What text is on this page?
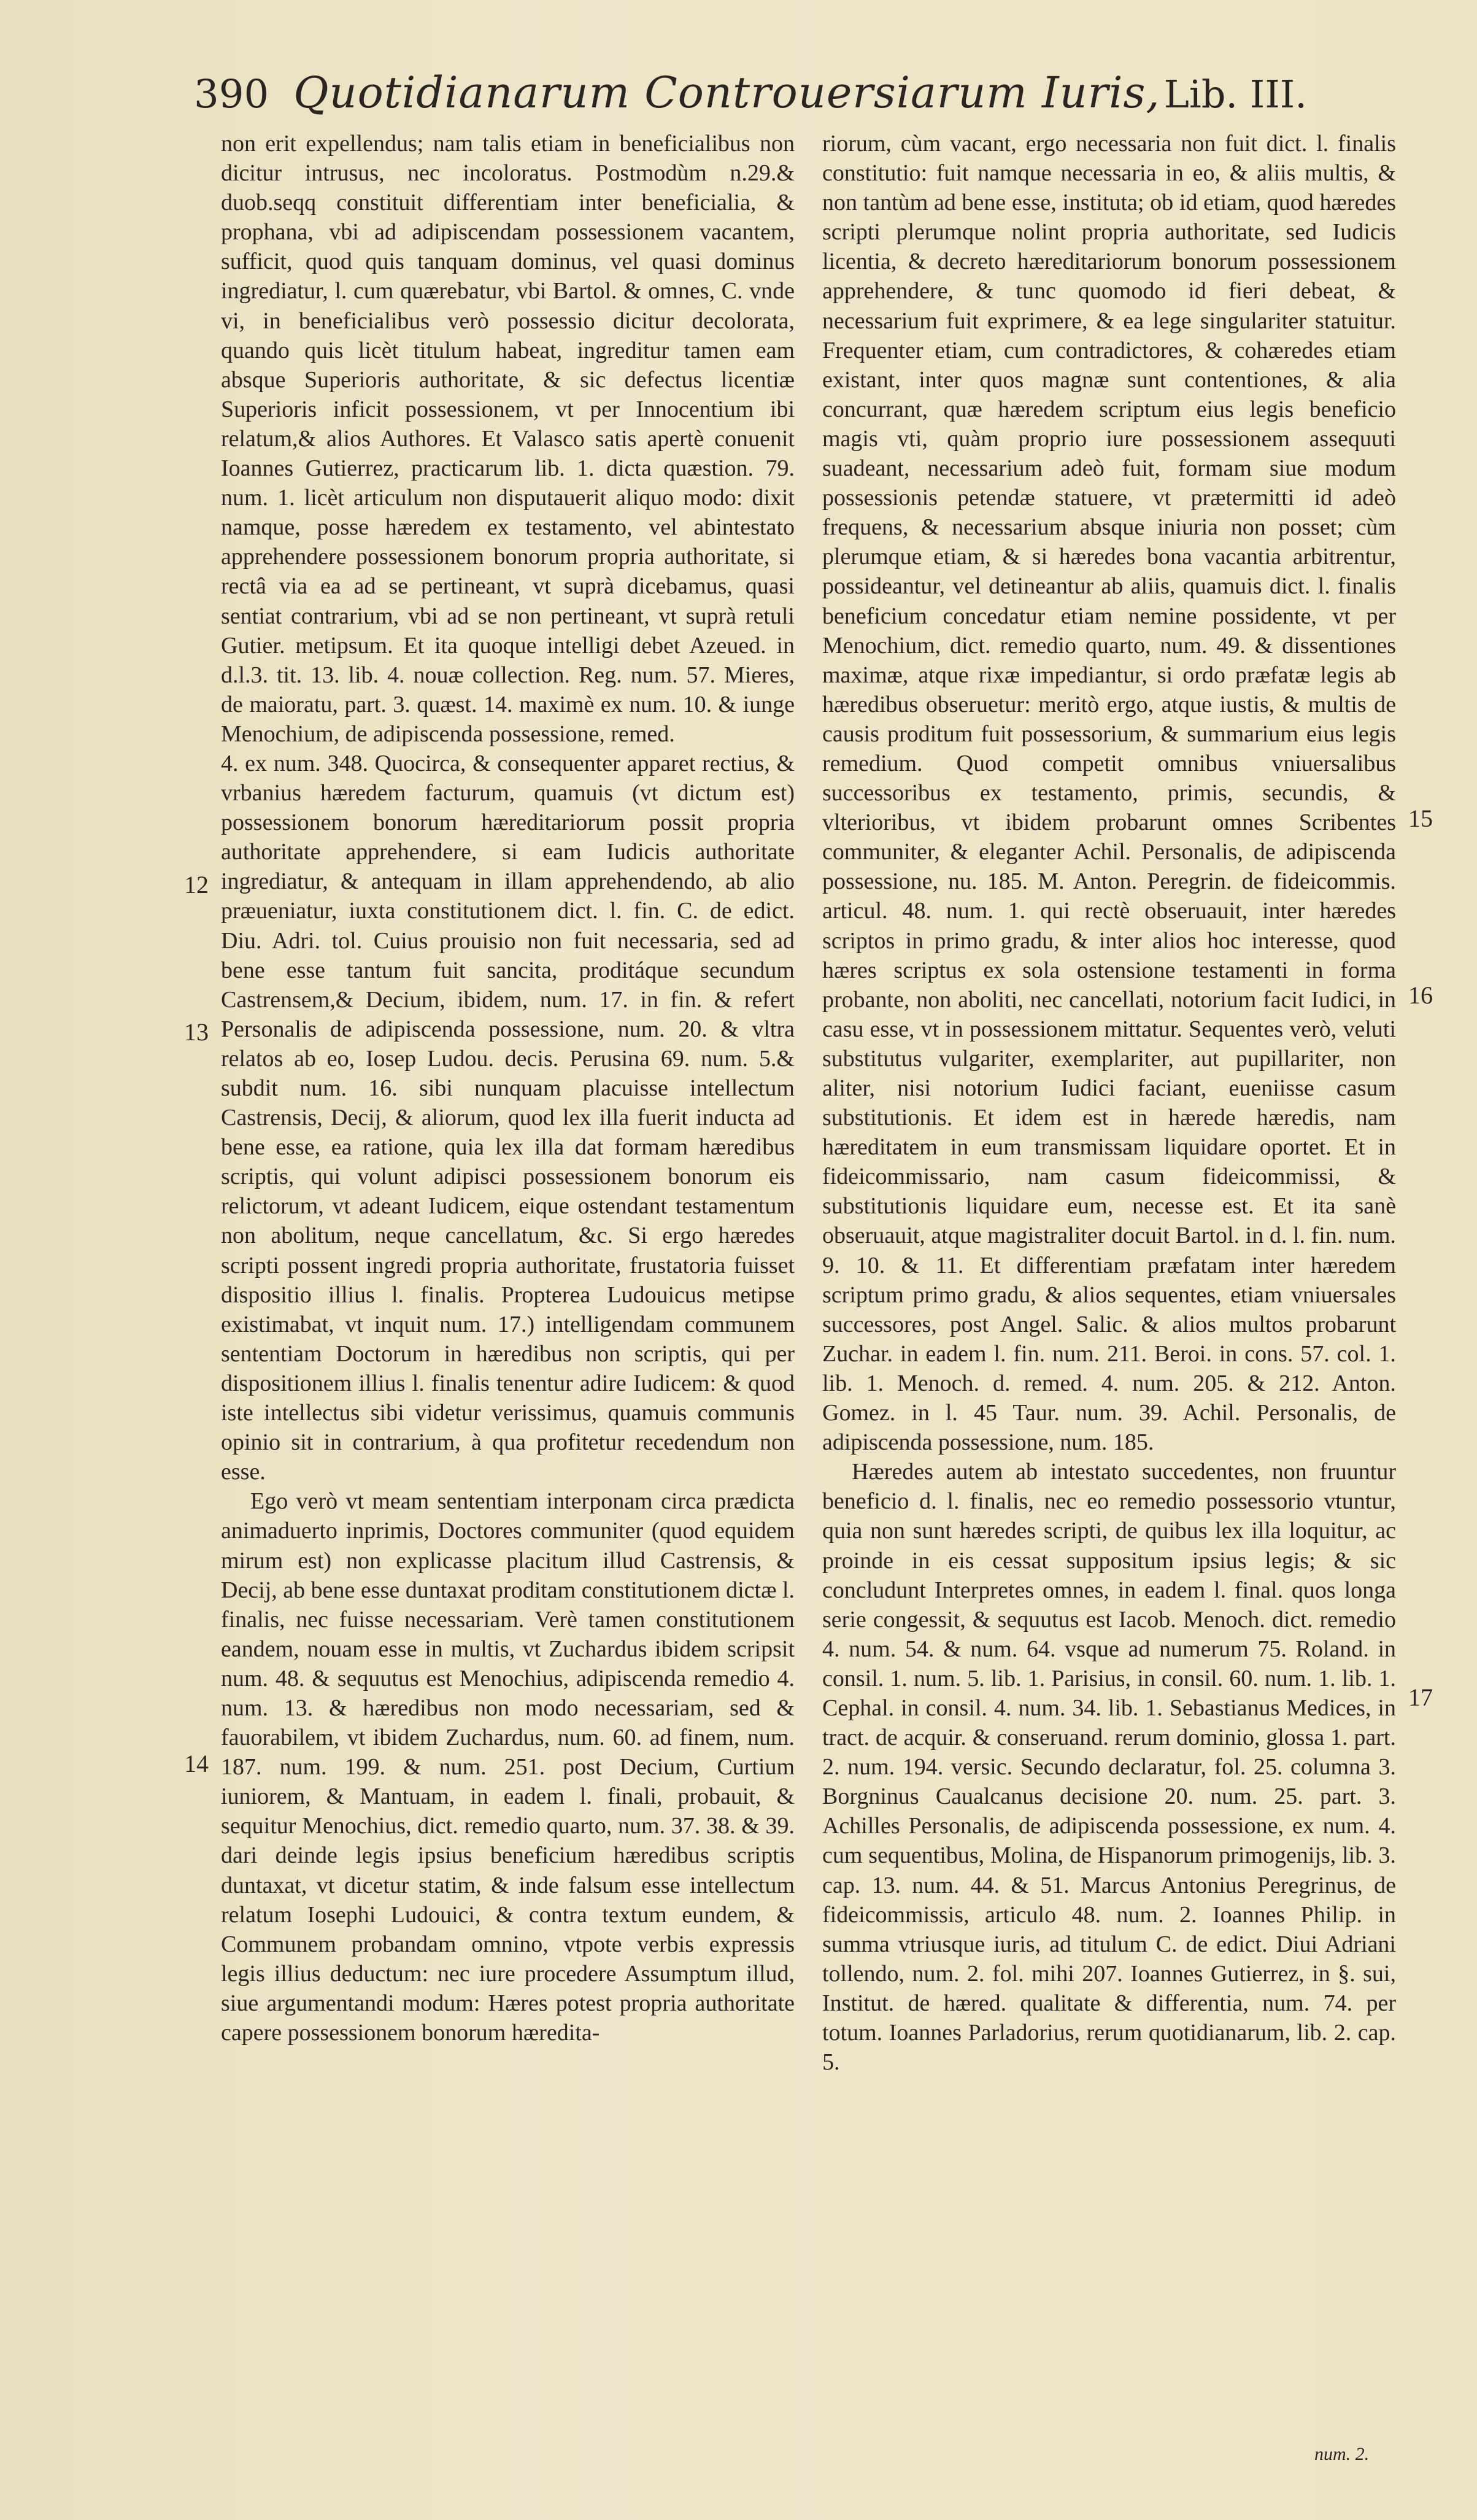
390 Quotidianarum Controuersiarum Iuris, Lib. III.
12
13
14
15
16
17

non erit expellendus; nam talis etiam in beneficialibus non dicitur intrusus, nec incoloratus. Postmodùm n.29.& duob.seqq constituit differentiam inter beneficialia, & prophana, vbi ad adipiscendam possessionem vacantem, sufficit, quod quis tanquam dominus, vel quasi dominus ingrediatur, l. cum quærebatur, vbi Bartol. & omnes, C. vnde vi, in beneficialibus verò possessio dicitur decolorata, quando quis licèt titulum habeat, ingreditur tamen eam absque Superioris authoritate, & sic defectus licentiæ Superioris inficit possessionem, vt per Innocentium ibi relatum,& alios Authores. Et Valasco satis apertè conuenit Ioannes Gutierrez, practicarum lib. 1. dicta quæstion. 79. num. 1. licèt articulum non disputauerit aliquo modo: dixit namque, posse hæredem ex testamento, vel abintestato apprehendere possessionem bonorum propria authoritate, si rectâ via ea ad se pertineant, vt suprà dicebamus, quasi sentiat contrarium, vbi ad se non pertineant, vt suprà retuli Gutier. metipsum. Et ita quoque intelligi debet Azeued. in d.l.3. tit. 13. lib. 4. nouæ collection. Reg. num. 57. Mieres, de maioratu, part. 3. quæst. 14. maximè ex num. 10. & iunge Menochium, de adipiscenda possessione, remed.

4. ex num. 348. Quocirca, & consequenter apparet rectius, & vrbanius hæredem facturum, quamuis (vt dictum est) possessionem bonorum hæreditariorum possit propria authoritate apprehendere, si eam Iudicis authoritate ingrediatur, & antequam in illam apprehendendo, ab alio præueniatur, iuxta constitutionem dict. l. fin. C. de edict. Diu. Adri. tol. Cuius prouisio non fuit necessaria, sed ad bene esse tantum fuit sancita, proditáque secundum Castrensem,& Decium, ibidem, num. 17. in fin. & refert Personalis de adipiscenda possessione, num. 20. & vltra relatos ab eo, Iosep Ludou. decis. Perusina 69. num. 5.& subdit num. 16. sibi nunquam placuisse intellectum Castrensis, Decij, & aliorum, quod lex illa fuerit inducta ad bene esse, ea ratione, quia lex illa dat formam hæredibus scriptis, qui volunt adipisci possessionem bonorum eis relictorum, vt adeant Iudicem, eique ostendant testamentum non abolitum, neque cancellatum, &c. Si ergo hæredes scripti possent ingredi propria authoritate, frustatoria fuisset dispositio illius l. finalis. Propterea Ludouicus metipse existimabat, vt inquit num. 17.) intelligendam communem sententiam Doctorum in hæredibus non scriptis, qui per dispositionem illius l. finalis tenentur adire Iudicem: & quod iste intellectus sibi videtur verissimus, quamuis communis opinio sit in contrarium, à qua profitetur recedendum non esse.

Ego verò vt meam sententiam interponam circa prædicta animaduerto inprimis, Doctores communiter (quod equidem mirum est) non explicasse placitum illud Castrensis, & Decij, ab bene esse duntaxat proditam constitutionem dictæ l. finalis, nec fuisse necessariam. Verè tamen constitutionem eandem, nouam esse in multis, vt Zuchardus ibidem scripsit num. 48. & sequutus est Menochius, adipiscenda remedio 4. num. 13. & hæredibus non modo necessariam, sed & fauorabilem, vt ibidem Zuchardus, num. 60. ad finem, num. 187. num. 199. & num. 251. post Decium, Curtium iuniorem, & Mantuam, in eadem l. finali, probauit, & sequitur Menochius, dict. remedio quarto, num. 37. 38. & 39. dari deinde legis ipsius beneficium hæredibus scriptis duntaxat, vt dicetur statim, & inde falsum esse intellectum relatum Iosephi Ludouici, & contra textum eundem, & Communem probandam omnino, vtpote verbis expressis legis illius deductum: nec iure procedere Assumptum illud, siue argumentandi modum: Hæres potest propria authoritate capere possessionem bonorum hæredita-

riorum, cùm vacant, ergo necessaria non fuit dict. l. finalis constitutio: fuit namque necessaria in eo, & aliis multis, & non tantùm ad bene esse, instituta; ob id etiam, quod hæredes scripti plerumque nolint propria authoritate, sed Iudicis licentia, & decreto hæreditariorum bonorum possessionem apprehendere, & tunc quomodo id fieri debeat, & necessarium fuit exprimere, & ea lege singulariter statuitur. Frequenter etiam, cum contradictores, & cohæredes etiam existant, inter quos magnæ sunt contentiones, & alia concurrant, quæ hæredem scriptum eius legis beneficio magis vti, quàm proprio iure possessionem assequuti suadeant, necessarium adeò fuit, formam siue modum possessionis petendæ statuere, vt prætermitti id adeò frequens, & necessarium absque iniuria non posset; cùm plerumque etiam, & si hæredes bona vacantia arbitrentur, possideantur, vel detineantur ab aliis, quamuis dict. l. finalis beneficium concedatur etiam nemine possidente, vt per Menochium, dict. remedio quarto, num. 49. & dissentiones maximæ, atque rixæ impediantur, si ordo præfatæ legis ab hæredibus obseruetur: meritò ergo, atque iustis, & multis de causis proditum fuit possessorium, & summarium eius legis remedium. Quod competit omnibus vniuersalibus successoribus ex testamento, primis, secundis, & vlterioribus, vt ibidem probarunt omnes Scribentes communiter, & eleganter Achil. Personalis, de adipiscenda possessione, nu. 185. M. Anton. Peregrin. de fideicommis. articul. 48. num. 1. qui rectè obseruauit, inter hæredes scriptos in primo gradu, & inter alios hoc interesse, quod hæres scriptus ex sola ostensione testamenti in forma probante, non aboliti, nec cancellati, notorium facit Iudici, in casu esse, vt in possessionem mittatur. Sequentes verò, veluti substitutus vulgariter, exemplariter, aut pupillariter, non aliter, nisi notorium Iudici faciant, eueniisse casum substitutionis. Et idem est in hærede hæredis, nam hæreditatem in eum transmissam liquidare oportet. Et in fideicommissario, nam casum fideicommissi, & substitutionis liquidare eum, necesse est. Et ita sanè obseruauit, atque magistraliter docuit Bartol. in d. l. fin. num. 9. 10. & 11. Et differentiam præfatam inter hæredem scriptum primo gradu, & alios sequentes, etiam vniuersales successores, post Angel. Salic. & alios multos probarunt Zuchar. in eadem l. fin. num. 211. Beroi. in cons. 57. col. 1. lib. 1. Menoch. d. remed. 4. num. 205. & 212. Anton. Gomez. in l. 45 Taur. num. 39. Achil. Personalis, de adipiscenda possessione, num. 185.

Hæredes autem ab intestato succedentes, non fruuntur beneficio d. l. finalis, nec eo remedio possessorio vtuntur, quia non sunt hæredes scripti, de quibus lex illa loquitur, ac proinde in eis cessat suppositum ipsius legis; & sic concludunt Interpretes omnes, in eadem l. final. quos longa serie congessit, & sequutus est Iacob. Menoch. dict. remedio 4. num. 54. & num. 64. vsque ad numerum 75. Roland. in consil. 1. num. 5. lib. 1. Parisius, in consil. 60. num. 1. lib. 1. Cephal. in consil. 4. num. 34. lib. 1. Sebastianus Medices, in tract. de acquir. & conseruand. rerum dominio, glossa 1. part. 2. num. 194. versic. Secundo declaratur, fol. 25. columna 3. Borgninus Caualcanus decisione 20. num. 25. part. 3. Achilles Personalis, de adipiscenda possessione, ex num. 4. cum sequentibus, Molina, de Hispanorum primogenijs, lib. 3. cap. 13. num. 44. & 51. Marcus Antonius Peregrinus, de fideicommissis, articulo 48. num. 2. Ioannes Philip. in summa vtriusque iuris, ad titulum C. de edict. Diui Adriani tollendo, num. 2. fol. mihi 207. Ioannes Gutierrez, in §. sui, Institut. de hæred. qualitate & differentia, num. 74. per totum. Ioannes Parladorius, rerum quotidianarum, lib. 2. cap. 5.

num. 2.
